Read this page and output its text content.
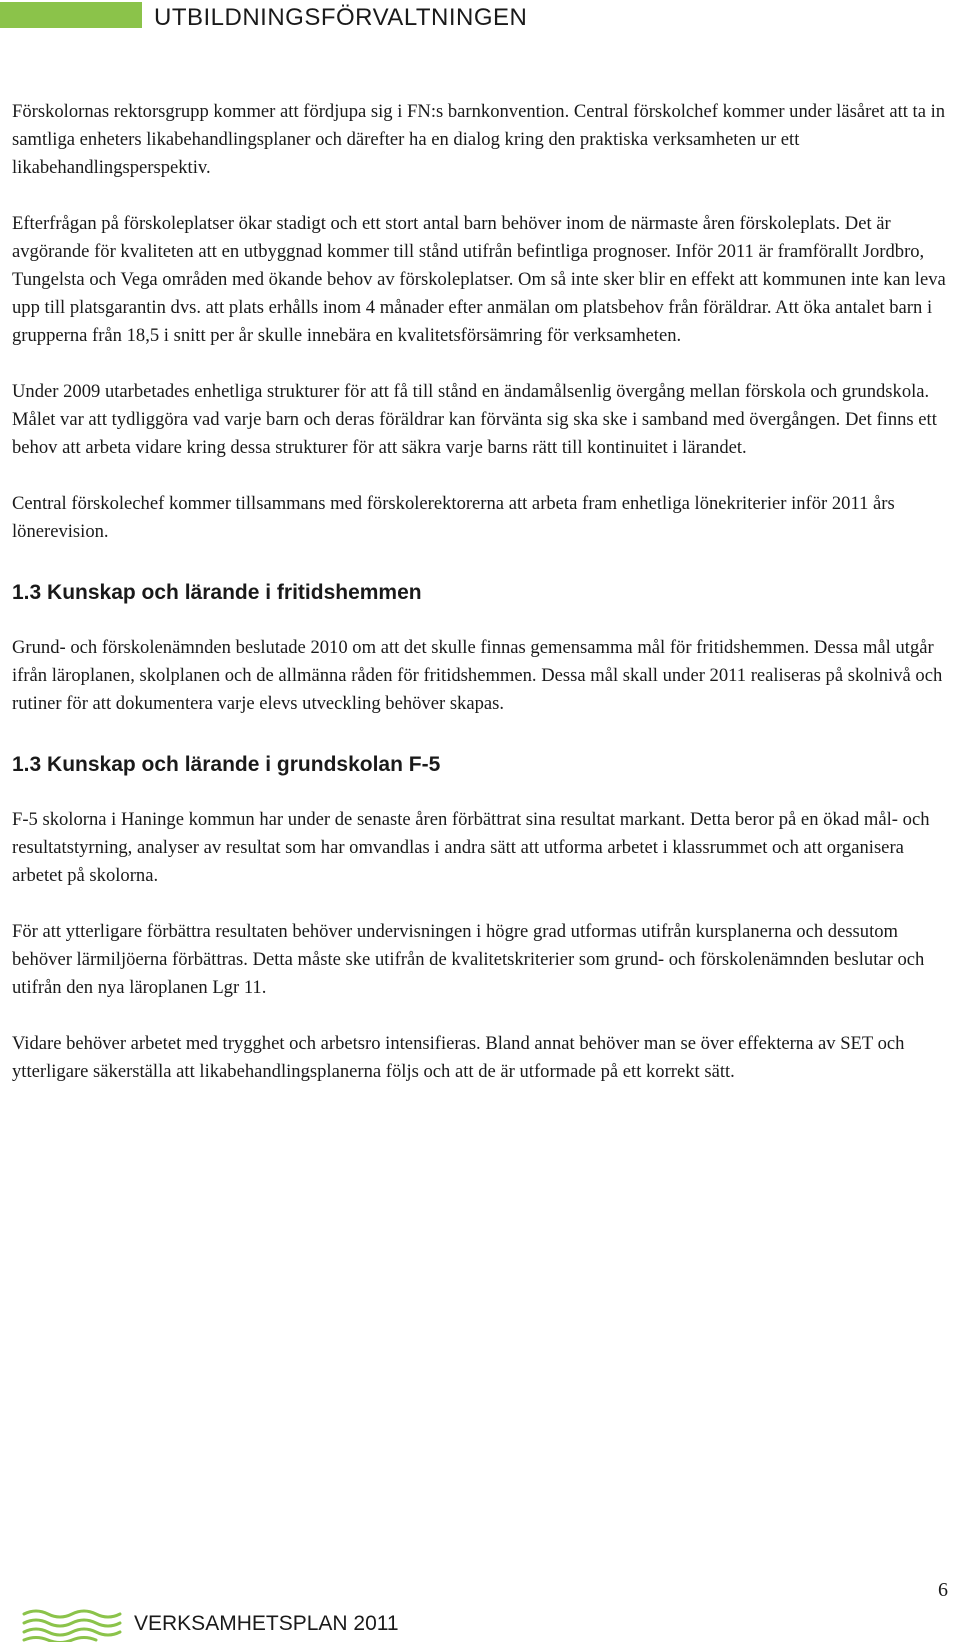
UTBILDNINGSFÖRVALTNINGEN

Förskolornas rektorsgrupp kommer att fördjupa sig i FN:s barnkonvention. Central förskolchef kommer under läsåret att ta in samtliga enheters likabehandlingsplaner och därefter ha en dialog kring den praktiska verksamheten ur ett likabehandlingsperspektiv.

Efterfrågan på förskoleplatser ökar stadigt och ett stort antal barn behöver inom de närmaste åren förskoleplats. Det är avgörande för kvaliteten att en utbyggnad kommer till stånd utifrån befintliga prognoser. Inför 2011 är framförallt Jordbro, Tungelsta och Vega områden med ökande behov av förskoleplatser. Om så inte sker blir en effekt att kommunen inte kan leva upp till platsgarantin dvs. att plats erhålls inom 4 månader efter anmälan om platsbehov från föräldrar. Att öka antalet barn i grupperna från 18,5 i snitt per år skulle innebära en kvalitetsförsämring för verksamheten.

Under 2009 utarbetades enhetliga strukturer för att få till stånd en ändamålsenlig övergång mellan förskola och grundskola. Målet var att tydliggöra vad varje barn och deras föräldrar kan förvänta sig ska ske i samband med övergången. Det finns ett behov att arbeta vidare kring dessa strukturer för att säkra varje barns rätt till kontinuitet i lärandet.

Central förskolechef kommer tillsammans med förskolerektorerna att arbeta fram enhetliga lönekriterier inför 2011 års lönerevision.

1.3 Kunskap och lärande i fritidshemmen

Grund- och förskolenämnden beslutade 2010 om att det skulle finnas gemensamma mål för fritidshemmen. Dessa mål utgår ifrån läroplanen, skolplanen och de allmänna råden för fritidshemmen. Dessa mål skall under 2011 realiseras på skolnivå och rutiner för att dokumentera varje elevs utveckling behöver skapas.

1.3 Kunskap och lärande i grundskolan F-5

F-5 skolorna i Haninge kommun har under de senaste åren förbättrat sina resultat markant. Detta beror på en ökad mål- och resultatstyrning, analyser av resultat som har omvandlas i andra sätt att utforma arbetet i klassrummet och att organisera arbetet på skolorna.

För att ytterligare förbättra resultaten behöver undervisningen i högre grad utformas utifrån kursplanerna och dessutom behöver lärmiljöerna förbättras. Detta måste ske utifrån de kvalitetskriterier som grund- och förskolenämnden beslutar och utifrån den nya läroplanen Lgr 11.

Vidare behöver arbetet med trygghet och arbetsro intensifieras. Bland annat behöver man se över effekterna av SET och ytterligare säkerställa att likabehandlingsplanerna följs och att de är utformade på ett korrekt sätt.

6
VERKSAMHETSPLAN 2011
